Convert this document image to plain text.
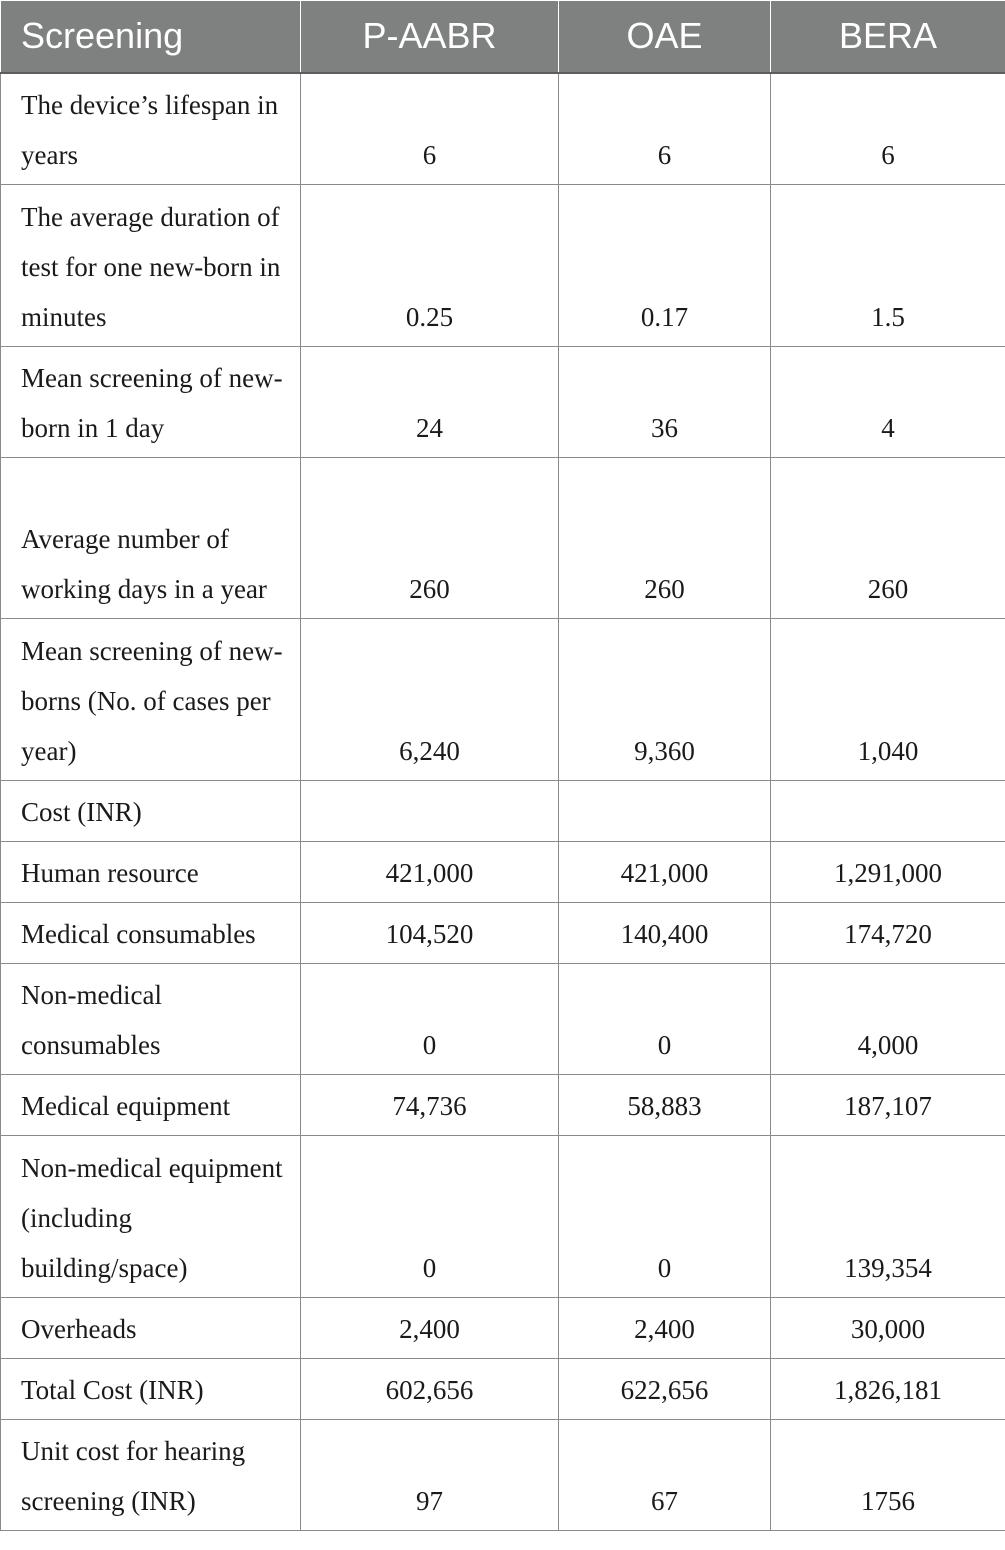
Screening	P-AABR	OAE	BERA
The device’s lifespan in years	6	6	6
The average duration of test for one new-born in minutes	0.25	0.17	1.5
Mean screening of new-born in 1 day	24	36	4
Average number of working days in a year	260	260	260
Mean screening of new-borns (No. of cases per year)	6,240	9,360	1,040
Cost (INR)			
Human resource	421,000	421,000	1,291,000
Medical consumables	104,520	140,400	174,720
Non-medical consumables	0	0	4,000
Medical equipment	74,736	58,883	187,107
Non-medical equipment (including building/space)	0	0	139,354
Overheads	2,400	2,400	30,000
Total Cost (INR)	602,656	622,656	1,826,181
Unit cost for hearing screening (INR)	97	67	1756
